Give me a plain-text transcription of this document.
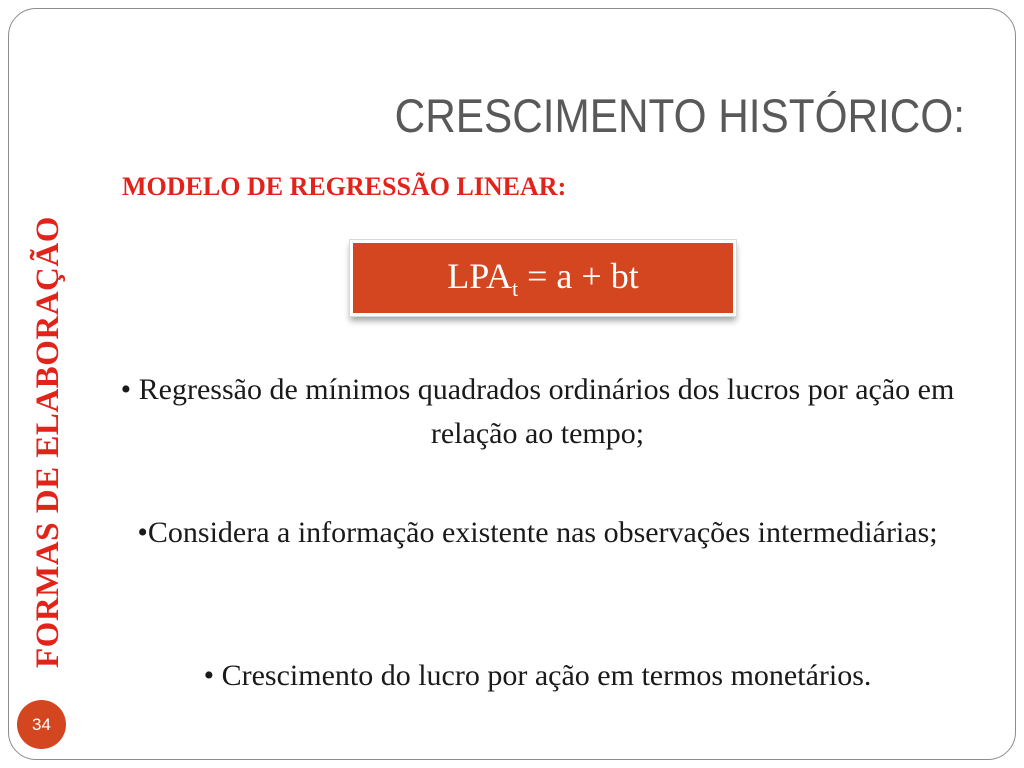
CRESCIMENTO HISTÓRICO:
MODELO DE REGRESSÃO LINEAR:
FORMAS DE ELABORAÇÃO	$LPA_t = a$ + bt
• Regressão de mínimos quadrados ordinários dos lucros por ação em relação ao tempo;
•Considera a informação existente nas observações intermediárias;
• Crescimento do lucro por ação em termos monetários.
34
